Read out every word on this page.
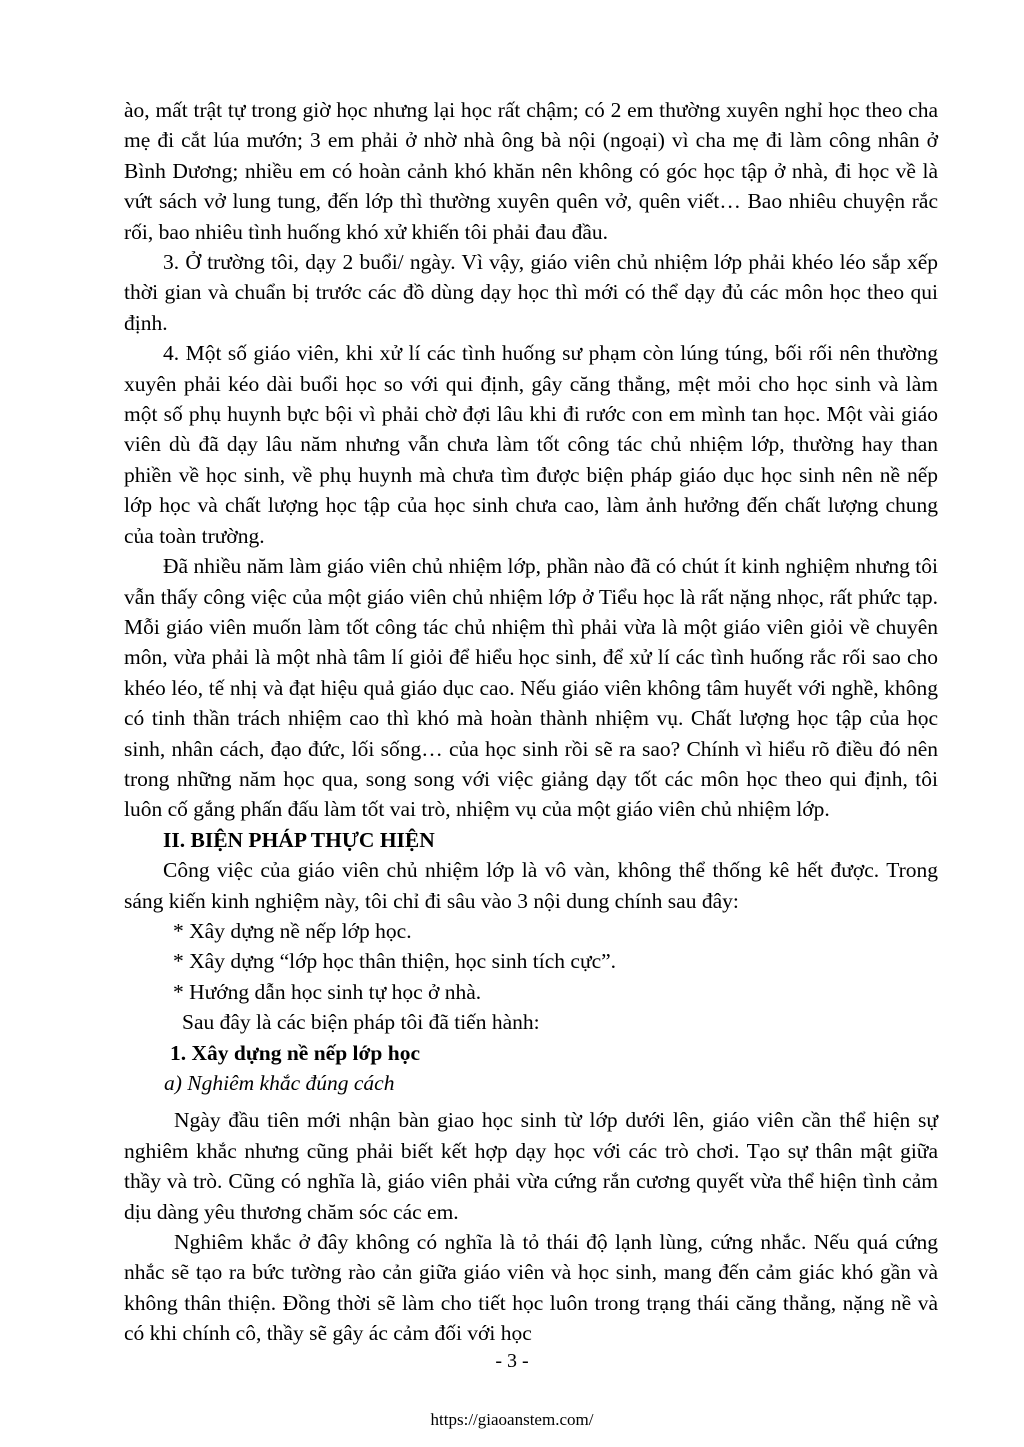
ào, mất trật tự trong giờ học nhưng lại học rất chậm; có 2 em thường xuyên nghỉ học theo cha mẹ đi cắt lúa mướn; 3 em phải ở nhờ nhà ông bà nội (ngoại) vì cha mẹ đi làm công nhân ở Bình Dương; nhiều em có hoàn cảnh khó khăn nên không có góc học tập ở nhà, đi học về là vứt sách vở lung tung, đến lớp thì thường xuyên quên vở, quên viết… Bao nhiêu chuyện rắc rối, bao nhiêu tình huống khó xử khiến tôi phải đau đầu.

3. Ở trường tôi, dạy 2 buổi/ ngày. Vì vậy, giáo viên chủ nhiệm lớp phải khéo léo sắp xếp thời gian và chuẩn bị trước các đồ dùng dạy học thì mới có thể dạy đủ các môn học theo qui định.

4. Một số giáo viên, khi xử lí các tình huống sư phạm còn lúng túng, bối rối nên thường xuyên phải kéo dài buổi học so với qui định, gây căng thẳng, mệt mỏi cho học sinh và làm một số phụ huynh bực bội vì phải chờ đợi lâu khi đi rước con em mình tan học. Một vài giáo viên dù đã dạy lâu năm nhưng vẫn chưa làm tốt công tác chủ nhiệm lớp, thường hay than phiền về học sinh, về phụ huynh mà chưa tìm được biện pháp giáo dục học sinh nên nề nếp lớp học và chất lượng học tập của học sinh chưa cao, làm ảnh hưởng đến chất lượng chung của toàn trường.

Đã nhiều năm làm giáo viên chủ nhiệm lớp, phần nào đã có chút ít kinh nghiệm nhưng tôi vẫn thấy công việc của một giáo viên chủ nhiệm lớp ở Tiểu học là rất nặng nhọc, rất phức tạp. Mỗi giáo viên muốn làm tốt công tác chủ nhiệm thì phải vừa là một giáo viên giỏi về chuyên môn, vừa phải là một nhà tâm lí giỏi để hiểu học sinh, để xử lí các tình huống rắc rối sao cho khéo léo, tế nhị và đạt hiệu quả giáo dục cao. Nếu giáo viên không tâm huyết với nghề, không có tinh thần trách nhiệm cao thì khó mà hoàn thành nhiệm vụ. Chất lượng học tập của học sinh, nhân cách, đạo đức, lối sống… của học sinh rồi sẽ ra sao? Chính vì hiểu rõ điều đó nên trong những năm học qua, song song với việc giảng dạy tốt các môn học theo qui định, tôi luôn cố gắng phấn đấu làm tốt vai trò, nhiệm vụ của một giáo viên chủ nhiệm lớp.

II. BIỆN PHÁP THỰC HIỆN

Công việc của giáo viên chủ nhiệm lớp là vô vàn, không thể thống kê hết được. Trong sáng kiến kinh nghiệm này, tôi chỉ đi sâu vào 3 nội dung chính sau đây:

* Xây dựng nề nếp lớp học.

* Xây dựng “lớp học thân thiện, học sinh tích cực”.

* Hướng dẫn học sinh tự học ở nhà.

Sau đây là các biện pháp tôi đã tiến hành:

1. Xây dựng nề nếp lớp học

a) Nghiêm khắc đúng cách

Ngày đầu tiên mới nhận bàn giao học sinh từ lớp dưới lên, giáo viên cần thể hiện sự nghiêm khắc nhưng cũng phải biết kết hợp dạy học với các trò chơi. Tạo sự thân mật giữa thầy và trò. Cũng có nghĩa là, giáo viên phải vừa cứng rắn cương quyết vừa thể hiện tình cảm dịu dàng yêu thương chăm sóc các em.

Nghiêm khắc ở đây không có nghĩa là tỏ thái độ lạnh lùng, cứng nhắc. Nếu quá cứng nhắc sẽ tạo ra bức tường rào cản giữa giáo viên và học sinh, mang đến cảm giác khó gần và không thân thiện. Đồng thời sẽ làm cho tiết học luôn trong trạng thái căng thẳng, nặng nề và có khi chính cô, thầy sẽ gây ác cảm đối với học

- 3 -
https://giaoanstem.com/
